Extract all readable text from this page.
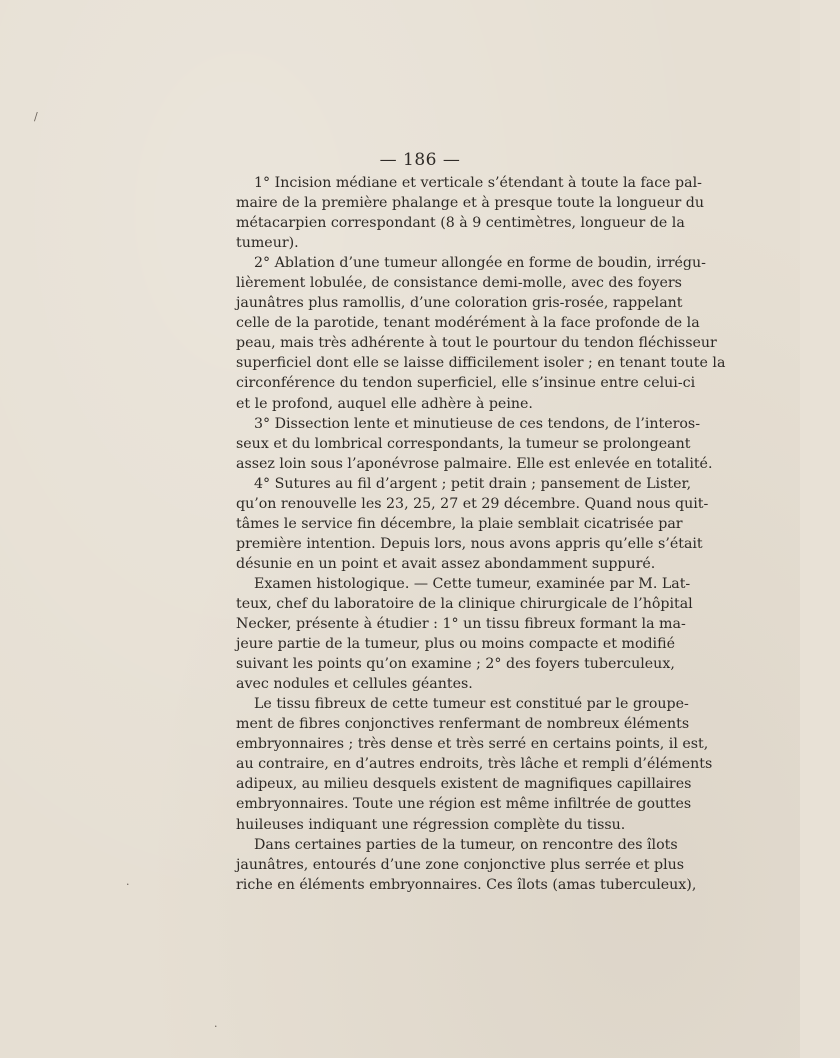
— 186 —
1° Incision médiane et verticale s’étendant à toute la face pal-
maire de la première phalange et à presque toute la longueur du
métacarpien correspondant (8 à 9 centimètres, longueur de la
tumeur).
2° Ablation d’une tumeur allongée en forme de boudin, irrégu-
lièrement lobulée, de consistance demi-molle, avec des foyers
jaunâtres plus ramollis, d’une coloration gris-rosée, rappelant
celle de la parotide, tenant modérément à la face profonde de la
peau, mais très adhérente à tout le pourtour du tendon fléchisseur
superficiel dont elle se laisse difficilement isoler ; en tenant toute la
circonférence du tendon superficiel, elle s’insinue entre celui-ci
et le profond, auquel elle adhère à peine.
3° Dissection lente et minutieuse de ces tendons, de l’interos-
seux et du lombrical correspondants, la tumeur se prolongeant
assez loin sous l’aponévrose palmaire. Elle est enlevée en totalité.
4° Sutures au fil d’argent ; petit drain ; pansement de Lister,
qu’on renouvelle les 23, 25, 27 et 29 décembre. Quand nous quit-
tâmes le service fin décembre, la plaie semblait cicatrisée par
première intention. Depuis lors, nous avons appris qu’elle s’était
désunie en un point et avait assez abondamment suppuré.
Examen histologique. — Cette tumeur, examinée par M. Lat-
teux, chef du laboratoire de la clinique chirurgicale de l’hôpital
Necker, présente à étudier : 1° un tissu fibreux formant la ma-
jeure partie de la tumeur, plus ou moins compacte et modifié
suivant les points qu’on examine ; 2° des foyers tuberculeux,
avec nodules et cellules géantes.
Le tissu fibreux de cette tumeur est constitué par le groupe-
ment de fibres conjonctives renfermant de nombreux éléments
embryonnaires ; très dense et très serré en certains points, il est,
au contraire, en d’autres endroits, très lâche et rempli d’éléments
adipeux, au milieu desquels existent de magnifiques capillaires
embryonnaires. Toute une région est même infiltrée de gouttes
huileuses indiquant une régression complète du tissu.
Dans certaines parties de la tumeur, on rencontre des îlots
jaunâtres, entourés d’une zone conjonctive plus serrée et plus
riche en éléments embryonnaires. Ces îlots (amas tuberculeux),
/
·
·
